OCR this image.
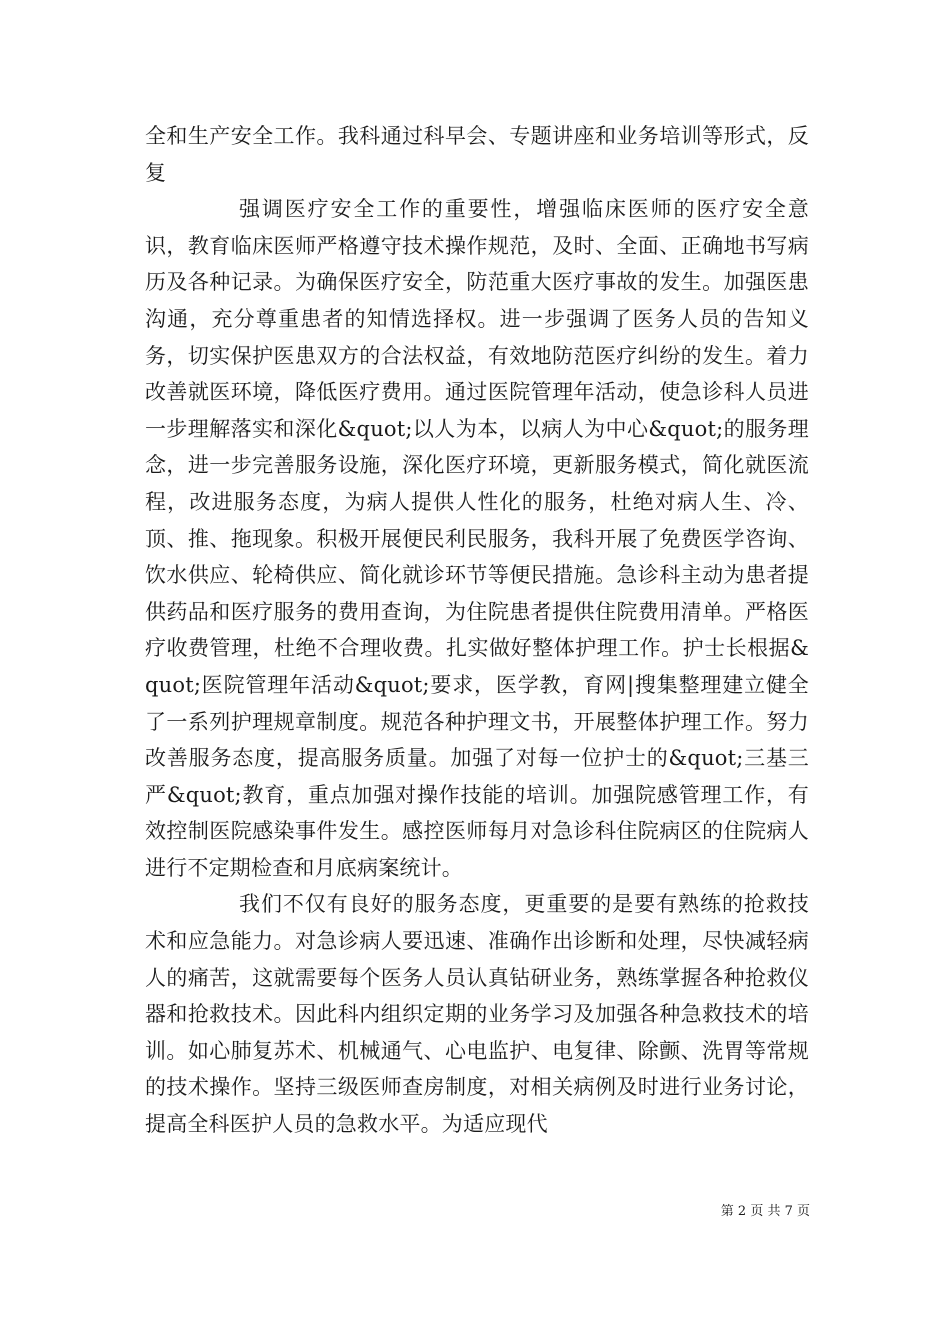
全和生产安全工作。我科通过科早会、专题讲座和业务培训等形式，反复

强调医疗安全工作的重要性，增强临床医师的医疗安全意识，教育临床医师严格遵守技术操作规范，及时、全面、正确地书写病历及各种记录。为确保医疗安全，防范重大医疗事故的发生。加强医患沟通，充分尊重患者的知情选择权。进一步强调了医务人员的告知义务，切实保护医患双方的合法权益，有效地防范医疗纠纷的发生。着力改善就医环境，降低医疗费用。通过医院管理年活动，使急诊科人员进一步理解落实和深化&quot;以人为本，以病人为中心&quot;的服务理念，进一步完善服务设施，深化医疗环境，更新服务模式，简化就医流程，改进服务态度，为病人提供人性化的服务，杜绝对病人生、冷、顶、推、拖现象。积极开展便民利民服务，我科开展了免费医学咨询、饮水供应、轮椅供应、简化就诊环节等便民措施。急诊科主动为患者提供药品和医疗服务的费用查询，为住院患者提供住院费用清单。严格医疗收费管理，杜绝不合理收费。扎实做好整体护理工作。护士长根据&quot;医院管理年活动&quot;要求，医学教，育网|搜集整理建立健全了一系列护理规章制度。规范各种护理文书，开展整体护理工作。努力改善服务态度，提高服务质量。加强了对每一位护士的&quot;三基三严&quot;教育，重点加强对操作技能的培训。加强院感管理工作，有效控制医院感染事件发生。感控医师每月对急诊科住院病区的住院病人进行不定期检查和月底病案统计。

我们不仅有良好的服务态度，更重要的是要有熟练的抢救技术和应急能力。对急诊病人要迅速、准确作出诊断和处理，尽快减轻病人的痛苦，这就需要每个医务人员认真钻研业务，熟练掌握各种抢救仪器和抢救技术。因此科内组织定期的业务学习及加强各种急救技术的培训。如心肺复苏术、机械通气、心电监护、电复律、除颤、洗胃等常规的技术操作。坚持三级医师查房制度，对相关病例及时进行业务讨论，提高全科医护人员的急救水平。为适应现代

第 2 页 共 7 页
